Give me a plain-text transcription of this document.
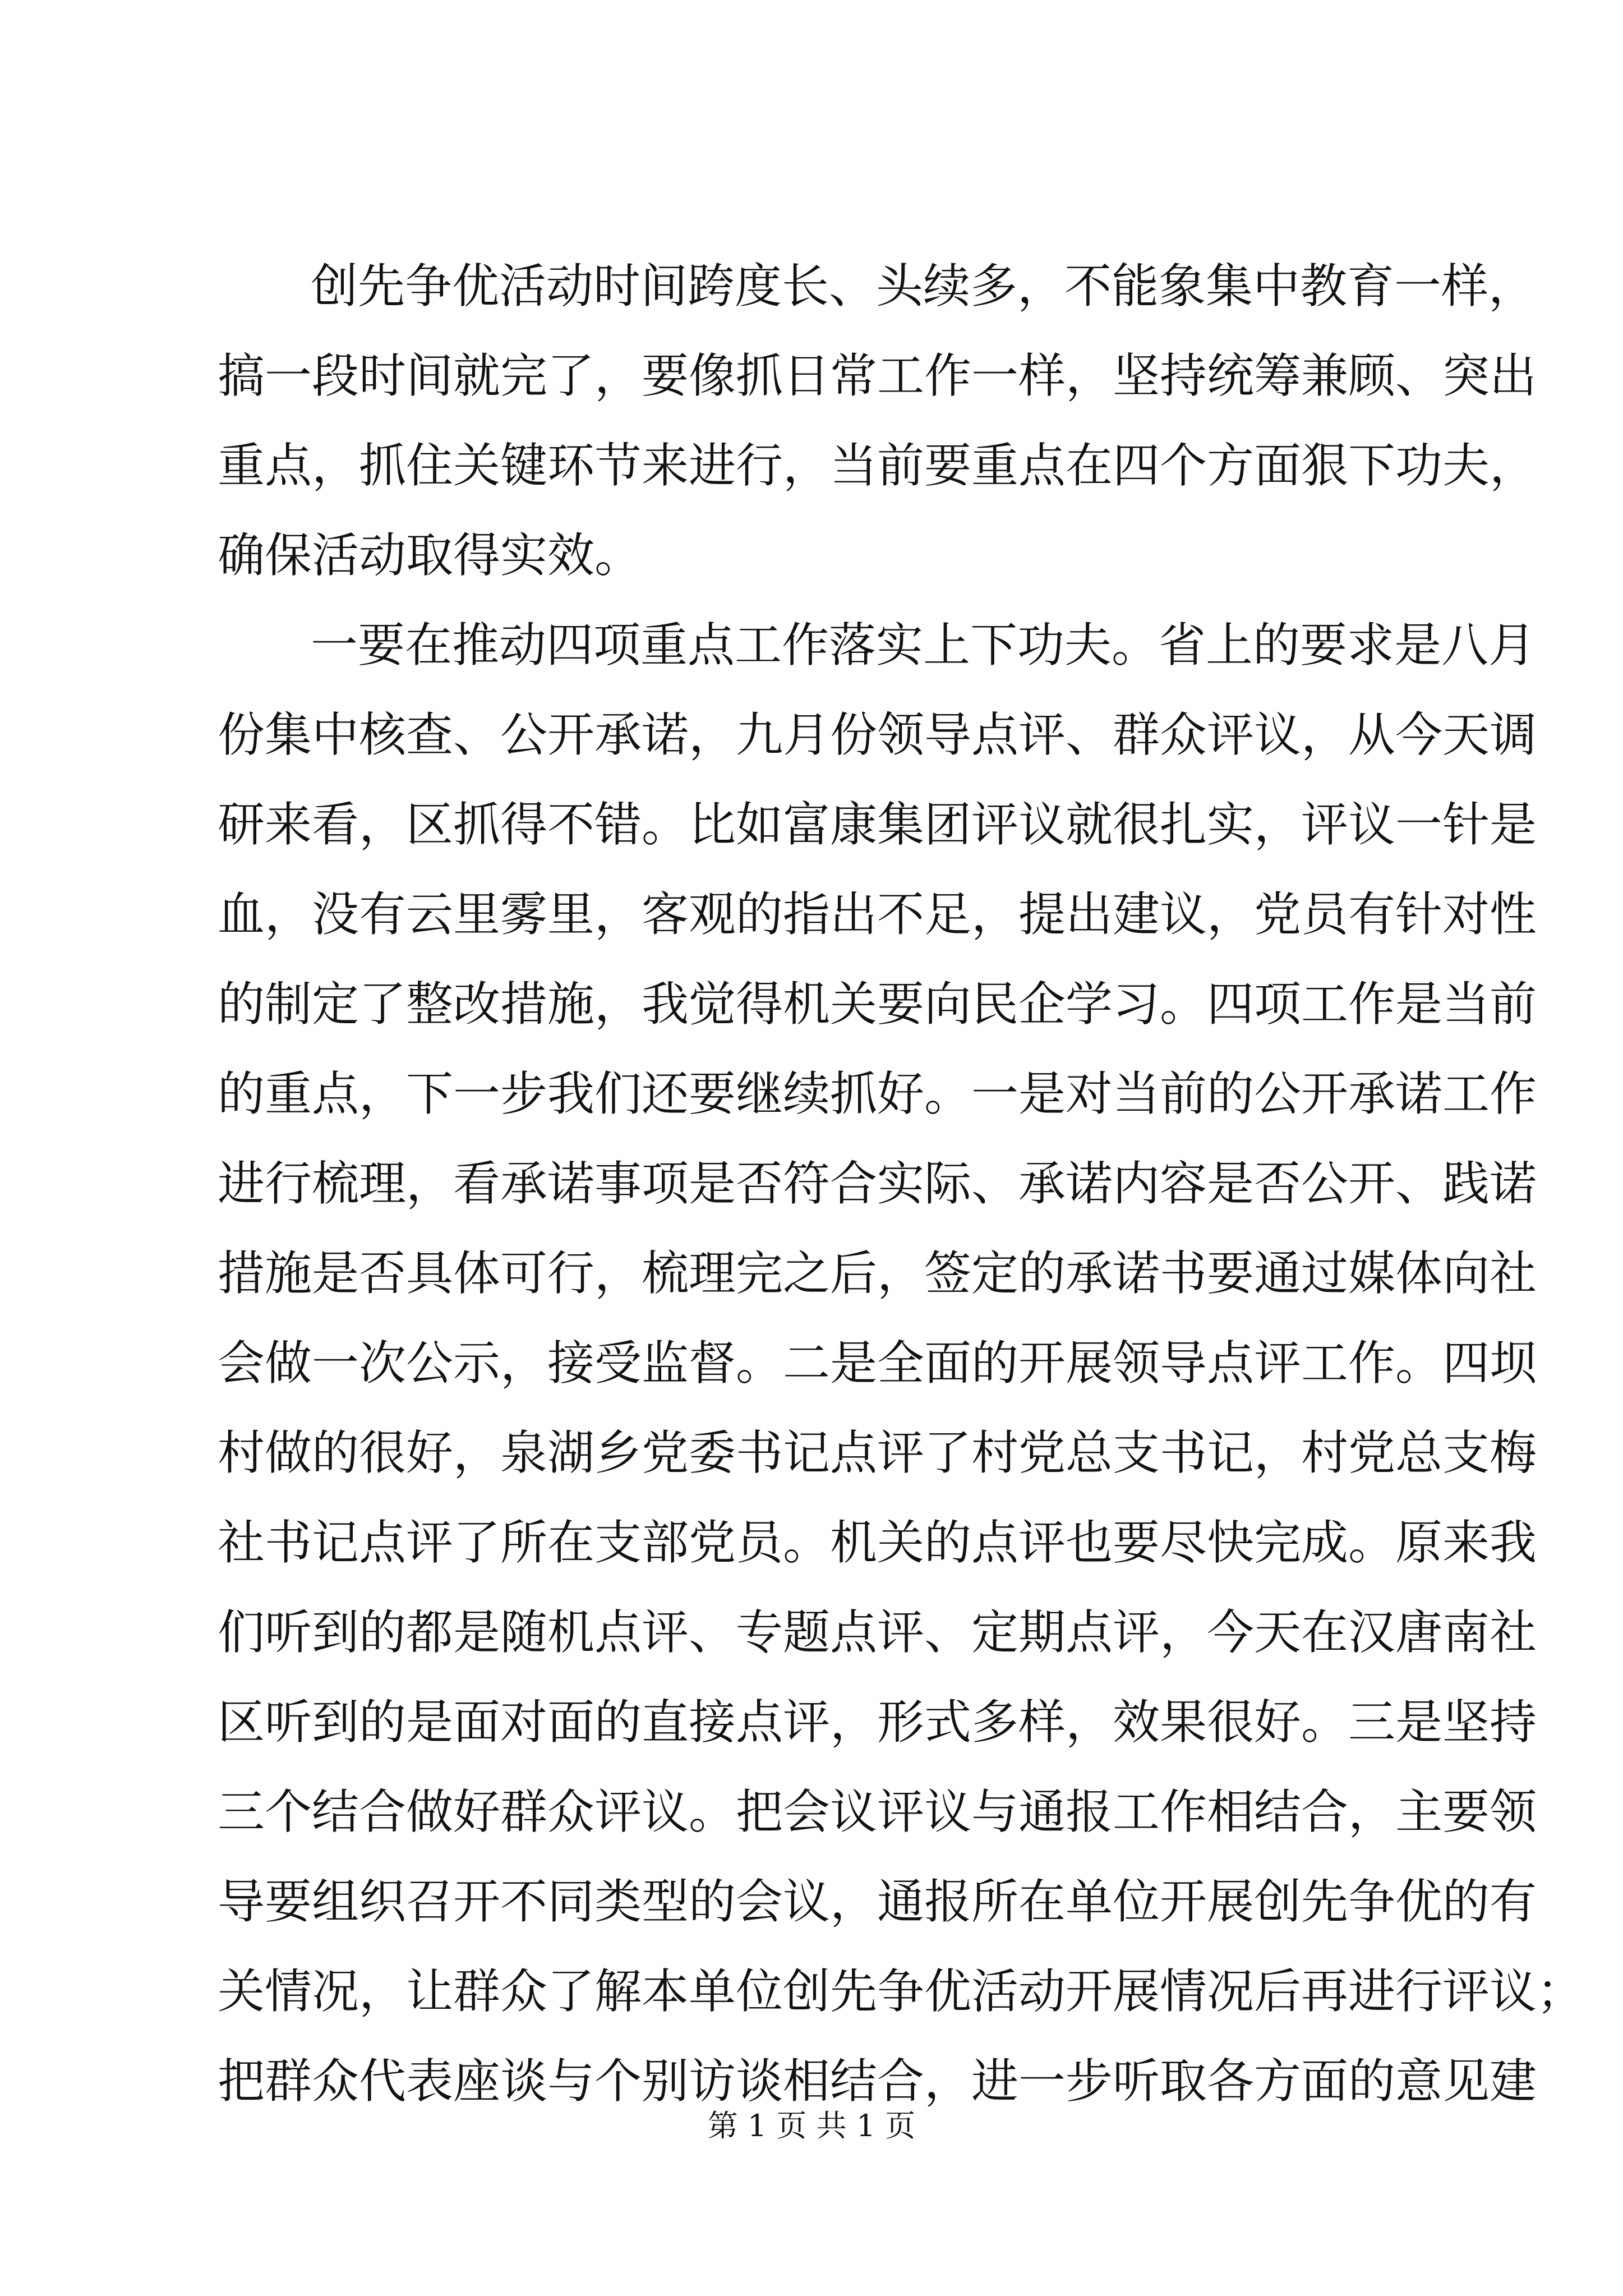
创先争优活动时间跨度长、头续多，不能象集中教育一样，
搞一段时间就完了，要像抓日常工作一样，坚持统筹兼顾、突出
重点，抓住关键环节来进行，当前要重点在四个方面狠下功夫，
确保活动取得实效。
一要在推动四项重点工作落实上下功夫。省上的要求是八月
份集中核查、公开承诺，九月份领导点评、群众评议，从今天调
研来看，区抓得不错。比如富康集团评议就很扎实，评议一针是
血，没有云里雾里，客观的指出不足，提出建议，党员有针对性
的制定了整改措施，我觉得机关要向民企学习。四项工作是当前
的重点，下一步我们还要继续抓好。一是对当前的公开承诺工作
进行梳理，看承诺事项是否符合实际、承诺内容是否公开、践诺
措施是否具体可行，梳理完之后，签定的承诺书要通过媒体向社
会做一次公示，接受监督。二是全面的开展领导点评工作。四坝
村做的很好，泉湖乡党委书记点评了村党总支书记，村党总支梅
社书记点评了所在支部党员。机关的点评也要尽快完成。原来我
们听到的都是随机点评、专题点评、定期点评，今天在汉唐南社
区听到的是面对面的直接点评，形式多样，效果很好。三是坚持
三个结合做好群众评议。把会议评议与通报工作相结合，主要领
导要组织召开不同类型的会议，通报所在单位开展创先争优的有
关情况，让群众了解本单位创先争优活动开展情况后再进行评议；
把群众代表座谈与个别访谈相结合，进一步听取各方面的意见建
第 1 页 共 1 页
